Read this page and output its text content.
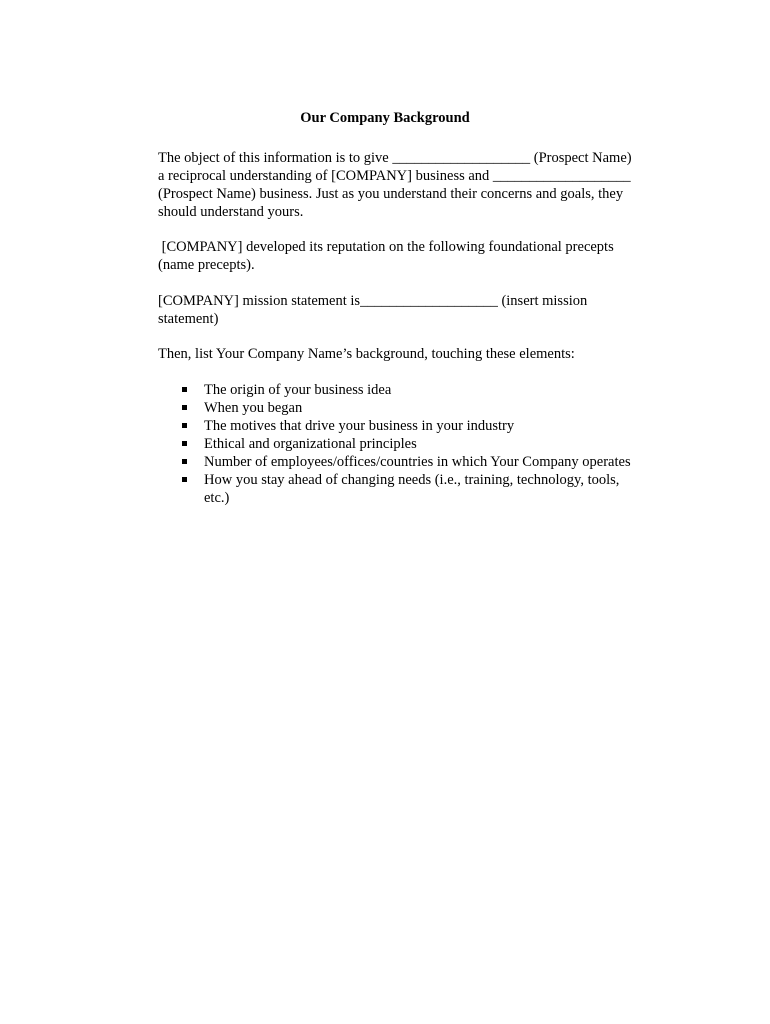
Our Company Background

The object of this information is to give ___________________ (Prospect Name)
a reciprocal understanding of [COMPANY] business and ___________________
(Prospect Name) business. Just as you understand their concerns and goals, they
should understand yours.

[COMPANY] developed its reputation on the following foundational precepts
(name precepts).

[COMPANY] mission statement is___________________ (insert mission
statement)

Then, list Your Company Name’s background, touching these elements:

The origin of your business idea
When you began
The motives that drive your business in your industry
Ethical and organizational principles
Number of employees/offices/countries in which Your Company operates
How you stay ahead of changing needs (i.e., training, technology, tools,
etc.)
